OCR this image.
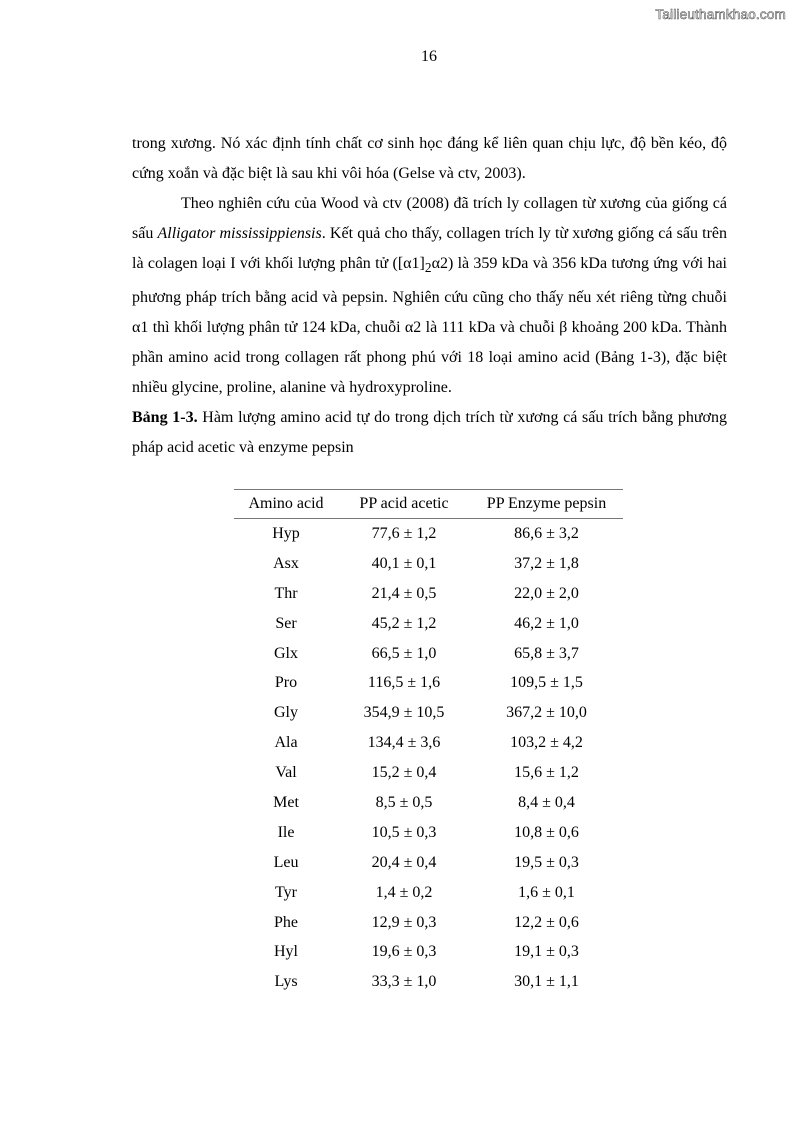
Tailieuthamkhao.com
16

trong xương. Nó xác định tính chất cơ sinh học đáng kể liên quan chịu lực, độ bền kéo, độ cứng xoắn và đặc biệt là sau khi vôi hóa (Gelse và ctv, 2003).

Theo nghiên cứu của Wood và ctv (2008) đã trích ly collagen từ xương của giống cá sấu Alligator mississippiensis. Kết quả cho thấy, collagen trích ly từ xương giống cá sấu trên là colagen loại I với khối lượng phân tử $([\alpha 1]_2\alpha 2)$ là 359 kDa và 356 kDa tương ứng với hai phương pháp trích bằng acid và pepsin. Nghiên cứu cũng cho thấy nếu xét riêng từng chuỗi α1 thì khối lượng phân tử 124 kDa, chuỗi α2 là 111 kDa và chuỗi β khoảng 200 kDa. Thành phần amino acid trong collagen rất phong phú với 18 loại amino acid (Bảng 1-3), đặc biệt nhiều glycine, proline, alanine và hydroxyproline.

Bảng 1-3. Hàm lượng amino acid tự do trong dịch trích từ xương cá sấu trích bằng phương pháp acid acetic và enzyme pepsin

Amino acid	PP acid acetic	PP Enzyme pepsin
Hyp	77,6 ± 1,2	86,6 ± 3,2
Asx	40,1 ± 0,1	37,2 ± 1,8
Thr	21,4 ± 0,5	22,0 ± 2,0
Ser	45,2 ± 1,2	46,2 ± 1,0
Glx	66,5 ± 1,0	65,8 ± 3,7
Pro	116,5 ± 1,6	109,5 ± 1,5
Gly	354,9 ± 10,5	367,2 ± 10,0
Ala	134,4 ± 3,6	103,2 ± 4,2
Val	15,2 ± 0,4	15,6 ± 1,2
Met	8,5 ± 0,5	8,4 ± 0,4
Ile	10,5 ± 0,3	10,8 ± 0,6
Leu	20,4 ± 0,4	19,5 ± 0,3
Tyr	1,4 ± 0,2	1,6 ± 0,1
Phe	12,9 ± 0,3	12,2 ± 0,6
Hyl	19,6 ± 0,3	19,1 ± 0,3
Lys	33,3 ± 1,0	30,1 ± 1,1
